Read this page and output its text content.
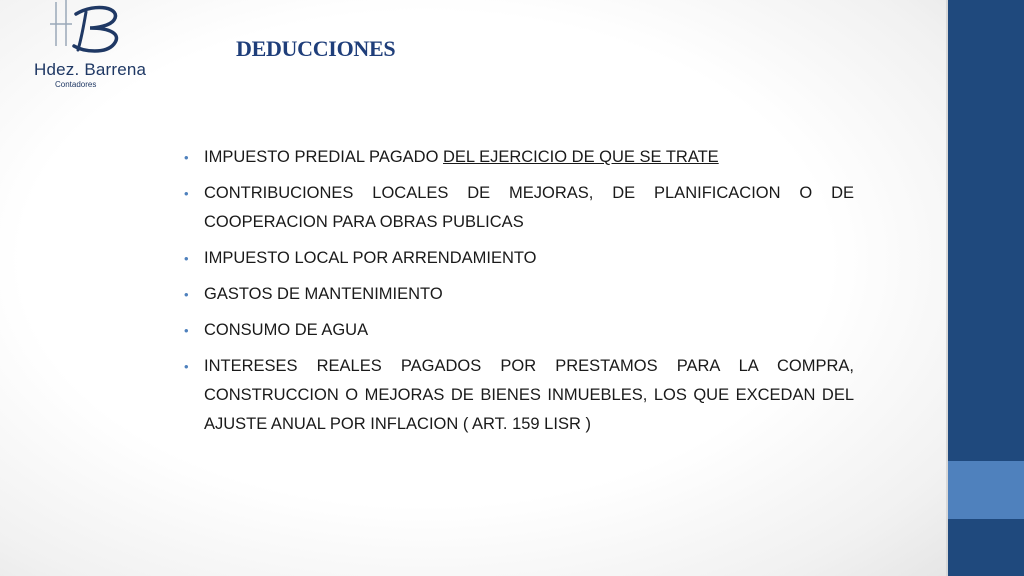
Hdez. Barrena
Contadores
DEDUCCIONES
• IMPUESTO PREDIAL PAGADO DEL EJERCICIO DE QUE SE TRATE
• CONTRIBUCIONES LOCALES DE MEJORAS, DE PLANIFICACION O DE COOPERACION PARA OBRAS PUBLICAS
• IMPUESTO LOCAL POR ARRENDAMIENTO
• GASTOS DE MANTENIMIENTO
• CONSUMO DE AGUA
• INTERESES REALES PAGADOS POR PRESTAMOS PARA LA COMPRA, CONSTRUCCION O MEJORAS DE BIENES INMUEBLES, LOS QUE EXCEDAN DEL AJUSTE ANUAL POR INFLACION ( ART. 159 LISR )
